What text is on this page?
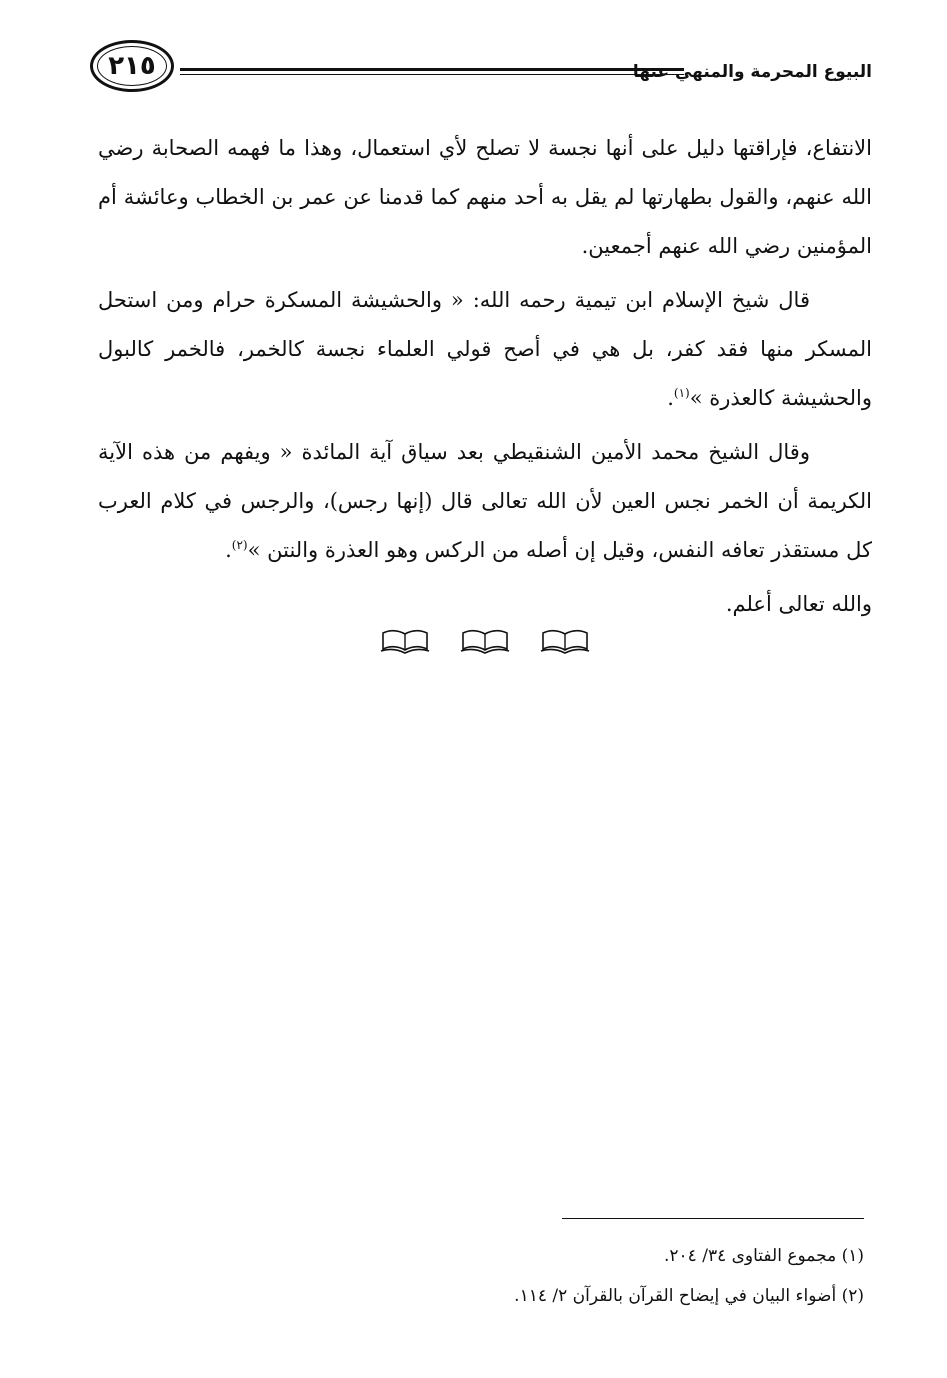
٢١٥	البيوع المحرمة والمنهي عنها

الانتفاع، فإراقتها دليل على أنها نجسة لا تصلح لأي استعمال، وهذا ما فهمه الصحابة رضي الله عنهم، والقول بطهارتها لم يقل به أحد منهم كما قدمنا عن عمر بن الخطاب وعائشة أم المؤمنين رضي الله عنهم أجمعين.

قال شيخ الإسلام ابن تيمية رحمه الله: « والحشيشة المسكرة حرام ومن استحل المسكر منها فقد كفر، بل هي في أصح قولي العلماء نجسة كالخمر، فالخمر كالبول والحشيشة كالعذرة »$^{(١)}$.

وقال الشيخ محمد الأمين الشنقيطي بعد سياق آية المائدة « ويفهم من هذه الآية الكريمة أن الخمر نجس العين لأن الله تعالى قال (إنها رجس)، والرجس في كلام العرب كل مستقذر تعافه النفس، وقيل إن أصله من الركس وهو العذرة والنتن »$^{(٢)}$.

والله تعالى أعلم.

(١) مجموع الفتاوى ٣٤/ ٢٠٤.

(٢) أضواء البيان في إيضاح القرآن بالقرآن ٢/ ١١٤.
